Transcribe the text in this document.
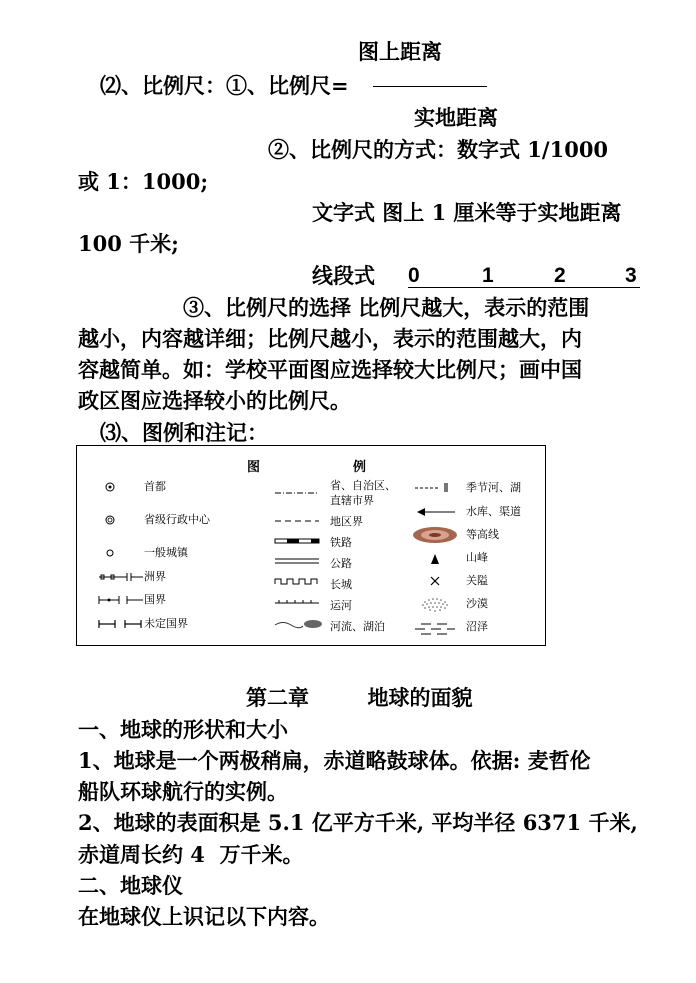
图上距离
⑵、比例尺：①、比例尺=
实地距离
②、比例尺的方式：数字式 1/1000
或 1：1000;
文字式 图上 1 厘米等于实地距离
100 千米;
线段式 0	1	2	3
③、比例尺的选择 比例尺越大，表示的范围
越小，内容越详细；比例尺越小，表示的范围越大，内
容越简单。如：学校平面图应选择较大比例尺；画中国
政区图应选择较小的比例尺。
⑶、图例和注记：
图	例
首都
省级行政中心
一般城镇
洲界
国界
未定国界
省、自治区、
直辖市界
地区界
铁路
公路
长城
运河
河流、湖泊
季节河、湖
水库、渠道
等高线
山峰
关隘
沙漠
沼泽
第二章        地球的面貌
一、地球的形状和大小
1、地球是一个两极稍扁，赤道略鼓球体。依据: 麦哲伦
船队环球航行的实例。
2、地球的表面积是 5.1 亿平方千米, 平均半径 6371 千米,
赤道周长约 4  万千米。
二、地球仪
在地球仪上识记以下内容。
